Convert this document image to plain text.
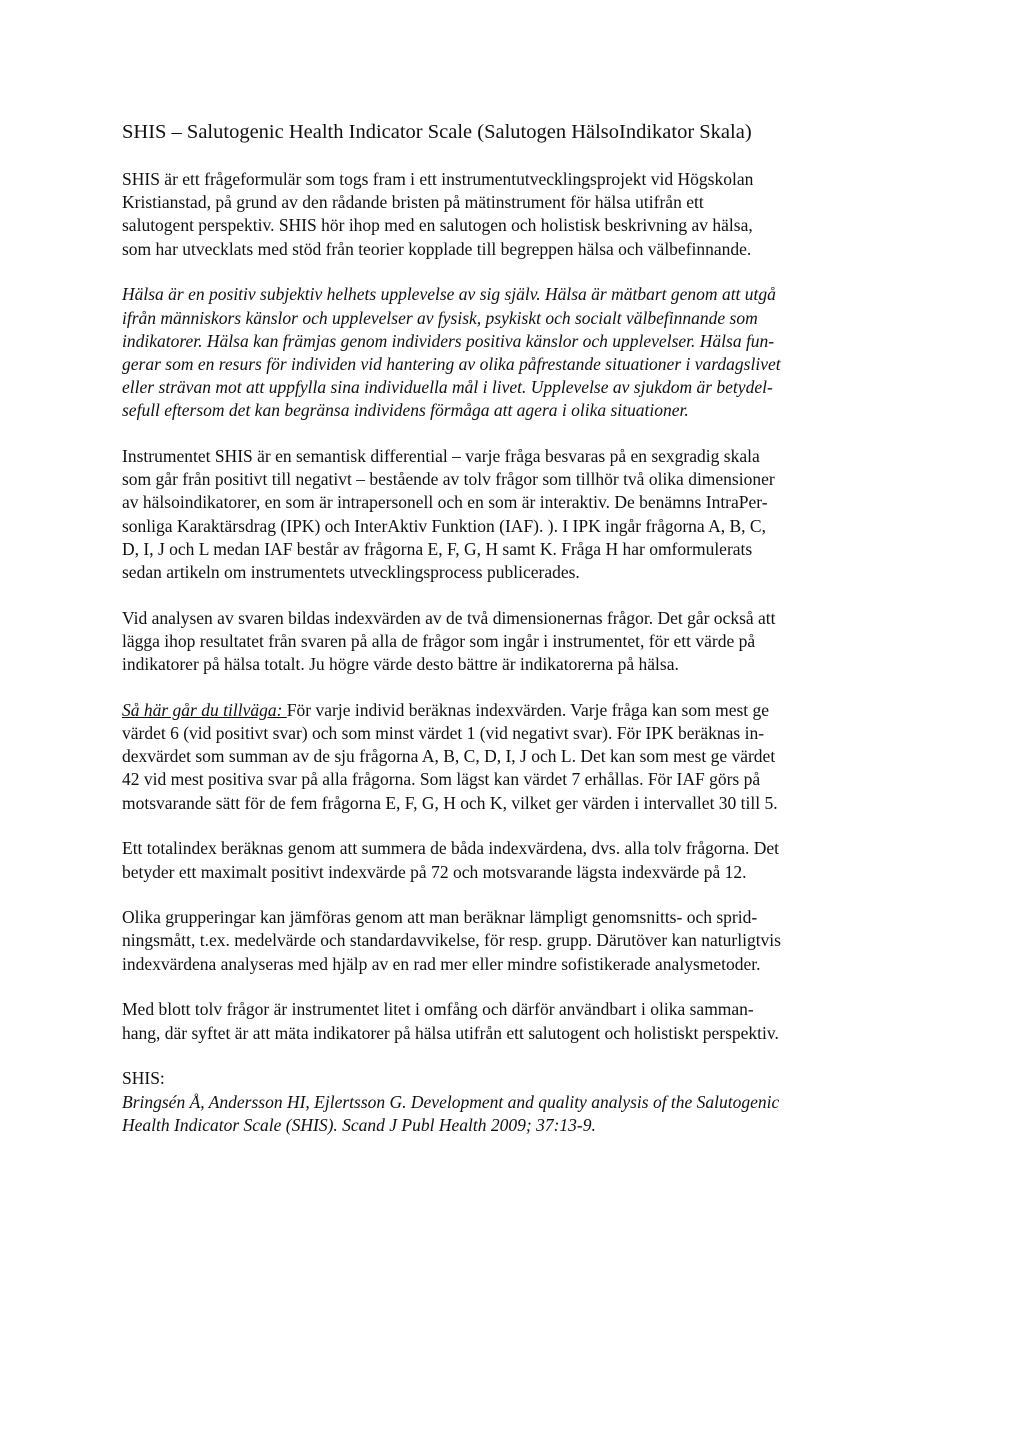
SHIS – Salutogenic Health Indicator Scale (Salutogen HälsoIndikator Skala)

SHIS är ett frågeformulär som togs fram i ett instrumentutvecklingsprojekt vid Högskolan
Kristianstad, på grund av den rådande bristen på mätinstrument för hälsa utifrån ett
salutogent perspektiv. SHIS hör ihop med en salutogen och holistisk beskrivning av hälsa,
som har utvecklats med stöd från teorier kopplade till begreppen hälsa och välbefinnande.

Hälsa är en positiv subjektiv helhets upplevelse av sig själv. Hälsa är mätbart genom att utgå
ifrån människors känslor och upplevelser av fysisk, psykiskt och socialt välbefinnande som
indikatorer. Hälsa kan främjas genom individers positiva känslor och upplevelser. Hälsa fun-
gerar som en resurs för individen vid hantering av olika påfrestande situationer i vardagslivet
eller strävan mot att uppfylla sina individuella mål i livet. Upplevelse av sjukdom är betydel-
sefull eftersom det kan begränsa individens förmåga att agera i olika situationer.

Instrumentet SHIS är en semantisk differential – varje fråga besvaras på en sexgradig skala
som går från positivt till negativt – bestående av tolv frågor som tillhör två olika dimensioner
av hälsoindikatorer, en som är intrapersonell och en som är interaktiv. De benämns IntraPer-
sonliga Karaktärsdrag (IPK) och InterAktiv Funktion (IAF). ). I IPK ingår frågorna A, B, C,
D, I, J och L medan IAF består av frågorna E, F, G, H samt K. Fråga H har omformulerats
sedan artikeln om instrumentets utvecklingsprocess publicerades.

Vid analysen av svaren bildas indexvärden av de två dimensionernas frågor. Det går också att
lägga ihop resultatet från svaren på alla de frågor som ingår i instrumentet, för ett värde på
indikatorer på hälsa totalt. Ju högre värde desto bättre är indikatorerna på hälsa.

Så här går du tillväga: För varje individ beräknas indexvärden. Varje fråga kan som mest ge
värdet 6 (vid positivt svar) och som minst värdet 1 (vid negativt svar). För IPK beräknas in-
dexvärdet som summan av de sju frågorna A, B, C, D, I, J och L. Det kan som mest ge värdet
42 vid mest positiva svar på alla frågorna. Som lägst kan värdet 7 erhållas. För IAF görs på
motsvarande sätt för de fem frågorna E, F, G, H och K, vilket ger värden i intervallet 30 till 5.

Ett totalindex beräknas genom att summera de båda indexvärdena, dvs. alla tolv frågorna. Det
betyder ett maximalt positivt indexvärde på 72 och motsvarande lägsta indexvärde på 12.

Olika grupperingar kan jämföras genom att man beräknar lämpligt genomsnitts- och sprid-
ningsmått, t.ex. medelvärde och standardavvikelse, för resp. grupp. Därutöver kan naturligtvis
indexvärdena analyseras med hjälp av en rad mer eller mindre sofistikerade analysmetoder.

Med blott tolv frågor är instrumentet litet i omfång och därför användbart i olika samman-
hang, där syftet är att mäta indikatorer på hälsa utifrån ett salutogent och holistiskt perspektiv.

SHIS:
Bringsén Å, Andersson HI, Ejlertsson G. Development and quality analysis of the Salutogenic
Health Indicator Scale (SHIS). Scand J Publ Health 2009; 37:13-9.
